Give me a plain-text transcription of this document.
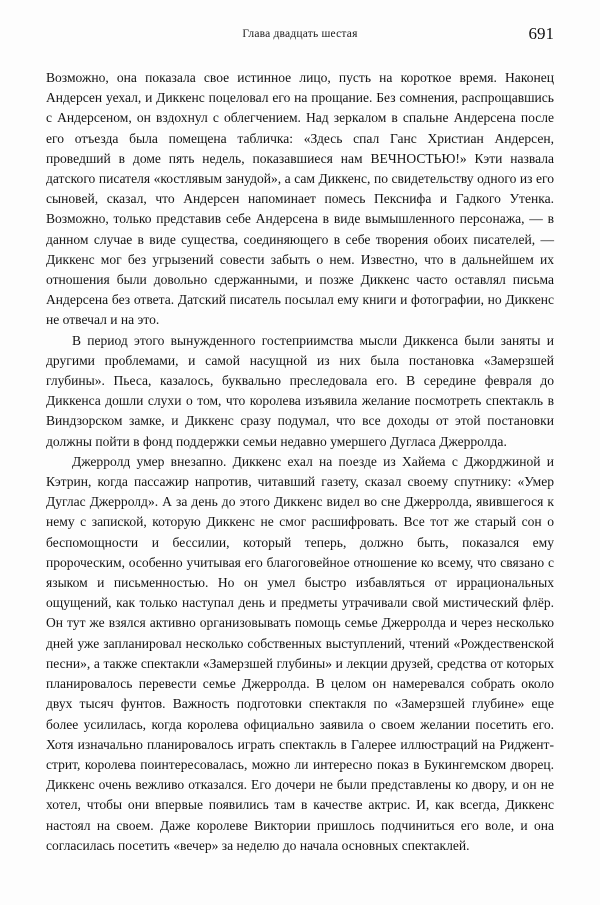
Глава двадцать шестая	691

Возможно, она показала свое истинное лицо, пусть на короткое время. Наконец Андерсен уехал, и Диккенс поцеловал его на прощание. Без сомнения, распрощавшись с Андерсеном, он вздохнул с облегчением. Над зеркалом в спальне Андерсена после его отъезда была помещена табличка: «Здесь спал Ганс Христиан Андерсен, проведший в доме пять недель, показавшиеся нам ВЕЧНОСТЬЮ!» Кэти назвала датского писателя «костлявым занудой», а сам Диккенс, по свидетельству одного из его сыновей, сказал, что Андерсен напоминает помесь Пекснифа и Гадкого Утенка. Возможно, только представив себе Андерсена в виде вымышленного персонажа, — в данном случае в виде существа, соединяющего в себе творения обоих писателей, — Диккенс мог без угрызений совести забыть о нем. Известно, что в дальнейшем их отношения были довольно сдержанными, и позже Диккенс часто оставлял письма Андерсена без ответа. Датский писатель посылал ему книги и фотографии, но Диккенс не отвечал и на это.

В период этого вынужденного гостеприимства мысли Диккенса были заняты и другими проблемами, и самой насущной из них была постановка «Замерзшей глубины». Пьеса, казалось, буквально преследовала его. В середине февраля до Диккенса дошли слухи о том, что королева изъявила желание посмотреть спектакль в Виндзорском замке, и Диккенс сразу подумал, что все доходы от этой постановки должны пойти в фонд поддержки семьи недавно умершего Дугласа Джерролда.

Джерролд умер внезапно. Диккенс ехал на поезде из Хайема с Джорджиной и Кэтрин, когда пассажир напротив, читавший газету, сказал своему спутнику: «Умер Дуглас Джерролд». А за день до этого Диккенс видел во сне Джерролда, явившегося к нему с запиской, которую Диккенс не смог расшифровать. Все тот же старый сон о беспомощности и бессилии, который теперь, должно быть, показался ему пророческим, особенно учитывая его благоговейное отношение ко всему, что связано с языком и письменностью. Но он умел быстро избавляться от иррациональных ощущений, как только наступал день и предметы утрачивали свой мистический флёр. Он тут же взялся активно организовывать помощь семье Джерролда и через несколько дней уже запланировал несколько собственных выступлений, чтений «Рождественской песни», а также спектакли «Замерзшей глубины» и лекции друзей, средства от которых планировалось перевести семье Джерролда. В целом он намеревался собрать около двух тысяч фунтов. Важность подготовки спектакля по «Замерзшей глубине» еще более усилилась, когда королева официально заявила о своем желании посетить его. Хотя изначально планировалось играть спектакль в Галерее иллюстраций на Риджент-стрит, королева поинтересовалась, можно ли интересно показ в Букингемском дворец. Диккенс очень вежливо отказался. Его дочери не были представлены ко двору, и он не хотел, чтобы они впервые появились там в качестве актрис. И, как всегда, Диккенс настоял на своем. Даже королеве Виктории пришлось подчиниться его воле, и она согласилась посетить «вечер» за неделю до начала основных спектаклей.
